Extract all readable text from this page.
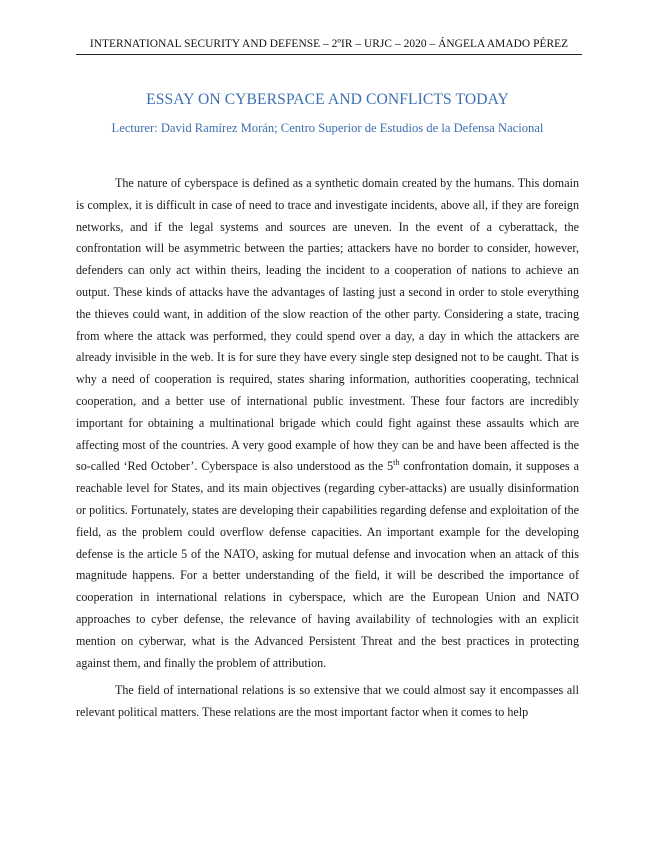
INTERNATIONAL SECURITY AND DEFENSE – 2ºIR – URJC – 2020 – ÁNGELA AMADO PÉREZ
ESSAY ON CYBERSPACE AND CONFLICTS TODAY
Lecturer: David Ramírez Morán; Centro Superior de Estudios de la Defensa Nacional

The nature of cyberspace is defined as a synthetic domain created by the humans. This domain is complex, it is difficult in case of need to trace and investigate incidents, above all, if they are foreign networks, and if the legal systems and sources are uneven. In the event of a cyberattack, the confrontation will be asymmetric between the parties; attackers have no border to consider, however, defenders can only act within theirs, leading the incident to a cooperation of nations to achieve an output. These kinds of attacks have the advantages of lasting just a second in order to stole everything the thieves could want, in addition of the slow reaction of the other party. Considering a state, tracing from where the attack was performed, they could spend over a day, a day in which the attackers are already invisible in the web. It is for sure they have every single step designed not to be caught. That is why a need of cooperation is required, states sharing information, authorities cooperating, technical cooperation, and a better use of international public investment. These four factors are incredibly important for obtaining a multinational brigade which could fight against these assaults which are affecting most of the countries. A very good example of how they can be and have been affected is the so-called ‘Red October’. Cyberspace is also understood as the 5th confrontation domain, it supposes a reachable level for States, and its main objectives (regarding cyber-attacks) are usually disinformation or politics. Fortunately, states are developing their capabilities regarding defense and exploitation of the field, as the problem could overflow defense capacities. An important example for the developing defense is the article 5 of the NATO, asking for mutual defense and invocation when an attack of this magnitude happens. For a better understanding of the field, it will be described the importance of cooperation in international relations in cyberspace, which are the European Union and NATO approaches to cyber defense, the relevance of having availability of technologies with an explicit mention on cyberwar, what is the Advanced Persistent Threat and the best practices in protecting against them, and finally the problem of attribution.

The field of international relations is so extensive that we could almost say it encompasses all relevant political matters. These relations are the most important factor when it comes to help
